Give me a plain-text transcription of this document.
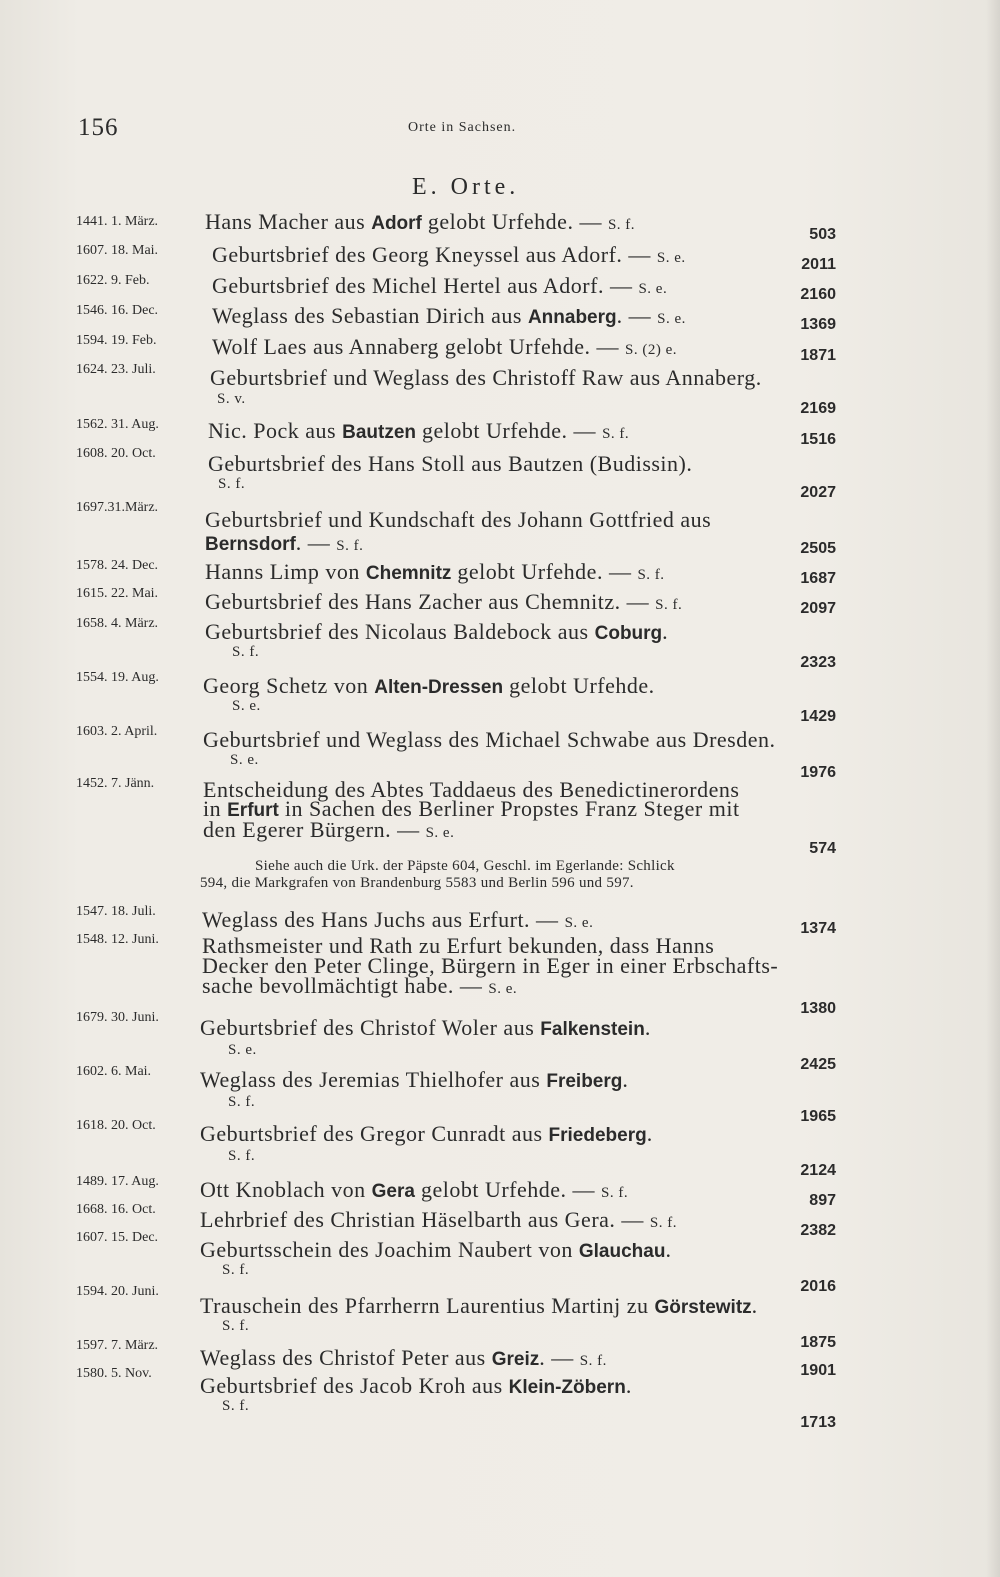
156	Orte in Sachsen.
E. Orte.
1441. 1. März. Hans Macher aus Adorf gelobt Urfehde. — S. f.
503
1607. 18. Mai. Geburtsbrief des Georg Kneyssel aus Adorf. — S. e.	2011
1622. 9. Feb.	Geburtsbrief des Michel Hertel aus Adorf. — S. e.	2160
1546. 16. Dec. Weglass des Sebastian Dirich aus Annaberg. — S. e.	1369
1594. 19. Feb.	Wolf Laes aus Annaberg gelobt Urfehde. — S. (2) e.	1871
1624. 23. Juli. Geburtsbrief und Weglass des Christoff Raw aus Annaberg.
S. v.
2169
1562. 31. Aug. Nic. Pock aus Bautzen gelobt Urfehde. — S. f.	1516
1608. 20. Oct. Geburtsbrief des Hans Stoll aus Bautzen (Budissin).
S. f.	2027
1697.31.März. Geburtsbrief und Kundschaft des Johann Gottfried aus
Bernsdorf. — S. f.	2505
1578. 24. Dec. Hanns Limp von Chemnitz gelobt Urfehde. — S. f.	1687
1615. 22. Mai. Geburtsbrief des Hans Zacher aus Chemnitz. — S. f.	2097
1658. 4. März. Geburtsbrief des Nicolaus Baldebock aus Coburg.
S. f.
2323
1554. 19. Aug. Georg Schetz von Alten-Dressen gelobt Urfehde.
S. e.
1429
1603. 2. April. Geburtsbrief und Weglass des Michael Schwabe aus Dresden.
S. e.
1976
1452. 7. Jänn. Entscheidung des Abtes Taddaeus des Benedictinerordens
in Erfurt in Sachen des Berliner Propstes Franz Steger mit
den Egerer Bürgern. — S. e.
574
Siehe auch die Urk. der Päpste 604, Geschl. im Egerlande: Schlick
594, die Markgrafen von Brandenburg 5583 und Berlin 596 und 597.
1547. 18. Juli. Weglass des Hans Juchs aus Erfurt. — S. e.	1374
1548. 12. Juni. Rathsmeister und Rath zu Erfurt bekunden, dass Hanns
Decker den Peter Clinge, Bürgern in Eger in einer Erbschafts-
sache bevollmächtigt habe. — S. e.
1380
1679. 30. Juni. Geburtsbrief des Christof Woler aus Falkenstein.
S. e.
2425
1602. 6. Mai. Weglass des Jeremias Thielhofer aus Freiberg.
S. f.
1965
1618. 20. Oct. Geburtsbrief des Gregor Cunradt aus Friedeberg.
S. f.
2124
1489. 17. Aug. Ott Knoblach von Gera gelobt Urfehde. — S. f.	897
1668. 16. Oct. Lehrbrief des Christian Häselbarth aus Gera. — S. f.	2382
1607. 15. Dec. Geburtsschein des Joachim Naubert von Glauchau.
S. f.
2016
1594. 20. Juni.
Trauschein des Pfarrherrn Laurentius Martinj zu Görstewitz.
S. f.
1875
1597. 7. März. Weglass des Christof Peter aus Greiz. — S. f.
1901
1580. 5. Nov. Geburtsbrief des Jacob Kroh aus Klein-Zöbern.
S. f.
1713
